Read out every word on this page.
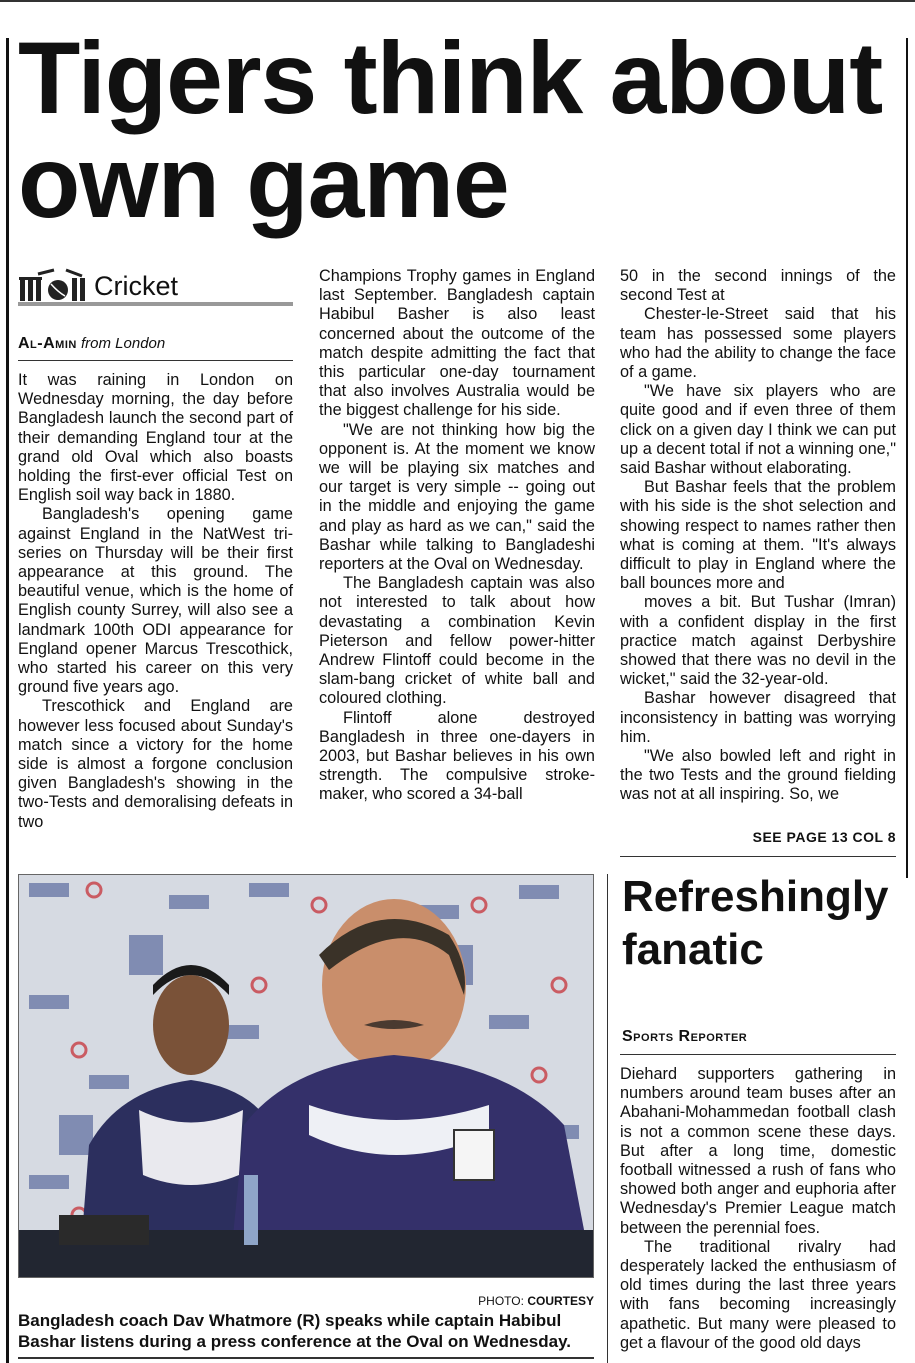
Tigers think about own game
Cricket
Al-Amin from London

It was raining in London on Wednesday morning, the day before Bangladesh launch the second part of their demanding England tour at the grand old Oval which also boasts holding the first-ever official Test on English soil way back in 1880.

Bangladesh's opening game against England in the NatWest tri-series on Thursday will be their first appearance at this ground. The beautiful venue, which is the home of English county Surrey, will also see a landmark 100th ODI appearance for England opener Marcus Trescothick, who started his career on this very ground five years ago.

Trescothick and England are however less focused about Sunday's match since a victory for the home side is almost a forgone conclusion given Bangladesh's showing in the two-Tests and demoralising defeats in two

Champions Trophy games in England last September. Bangladesh captain Habibul Basher is also least concerned about the outcome of the match despite admitting the fact that this particular one-day tournament that also involves Australia would be the biggest challenge for his side.

"We are not thinking how big the opponent is. At the moment we know we will be playing six matches and our target is very simple -- going out in the middle and enjoying the game and play as hard as we can," said the Bashar while talking to Bangladeshi reporters at the Oval on Wednesday.

The Bangladesh captain was also not interested to talk about how devastating a combination Kevin Pieterson and fellow power-hitter Andrew Flintoff could become in the slam-bang cricket of white ball and coloured clothing.

Flintoff alone destroyed Bangladesh in three one-dayers in 2003, but Bashar believes in his own strength. The compulsive stroke-maker, who scored a 34-ball

50 in the second innings of the second Test at

Chester-le-Street said that his team has possessed some players who had the ability to change the face of a game.

"We have six players who are quite good and if even three of them click on a given day I think we can put up a decent total if not a winning one," said Bashar without elaborating.

But Bashar feels that the problem with his side is the shot selection and showing respect to names rather then what is coming at them. "It's always difficult to play in England where the ball bounces more and

moves a bit. But Tushar (Imran) with a confident display in the first practice match against Derbyshire showed that there was no devil in the wicket," said the 32-year-old.

Bashar however disagreed that inconsistency in batting was worrying him.

"We also bowled left and right in the two Tests and the ground fielding was not at all inspiring. So, we

SEE PAGE 13 COL 8
PHOTO: COURTESY
Bangladesh coach Dav Whatmore (R) speaks while captain Habibul Bashar listens during a press conference at the Oval on Wednesday.
Refreshingly fanatic
Sports Reporter

Diehard supporters gathering in numbers around team buses after an Abahani-Mohammedan football clash is not a common scene these days. But after a long time, domestic football witnessed a rush of fans who showed both anger and euphoria after Wednesday's Premier League match between the perennial foes.

The traditional rivalry had desperately lacked the enthusiasm of old times during the last three years with fans becoming increasingly apathetic. But many were pleased to get a flavour of the good old days
